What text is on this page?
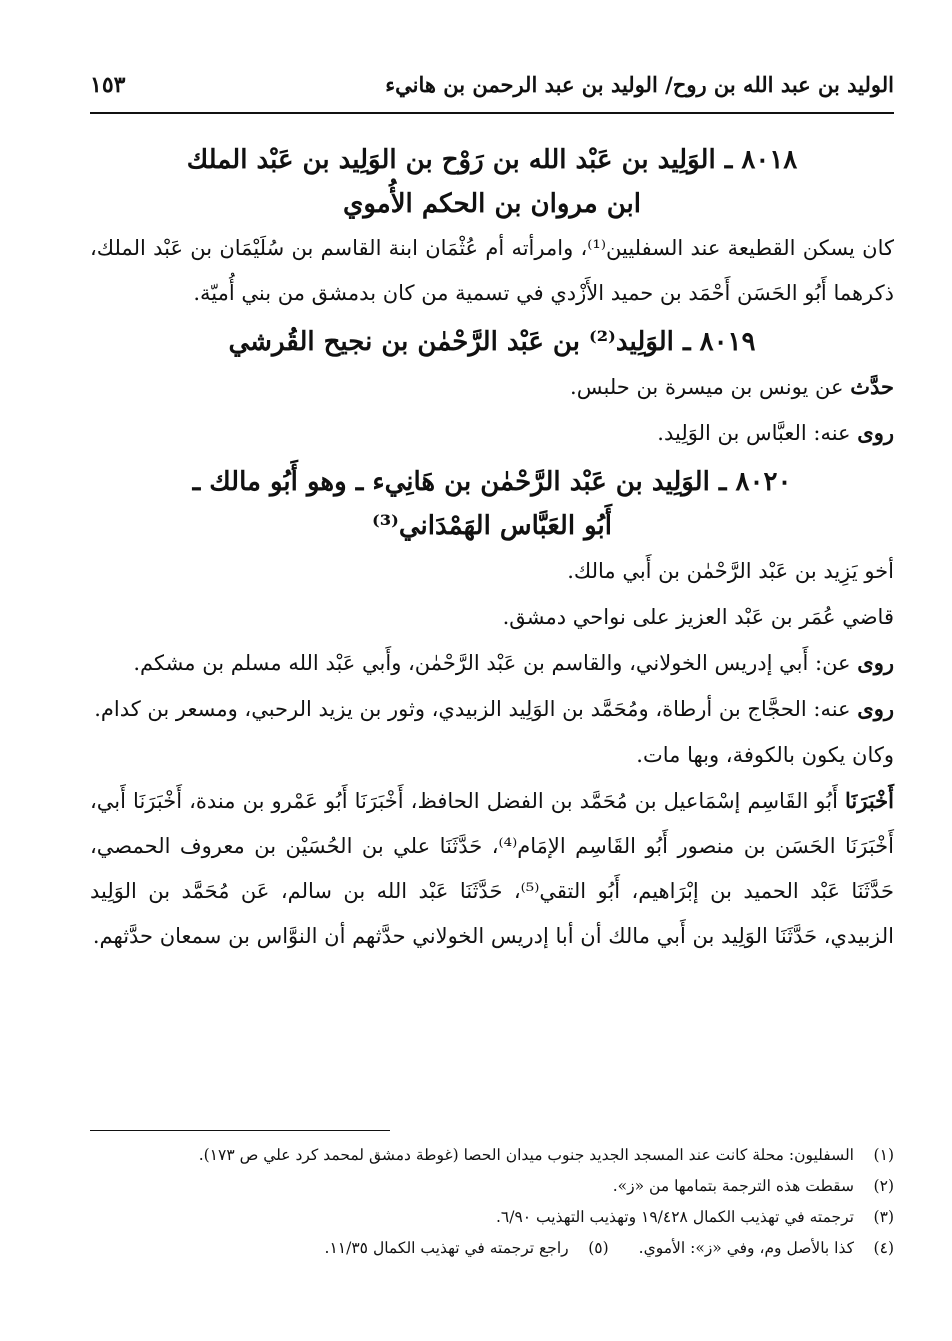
الوليد بن عبد الله بن روح/ الوليد بن عبد الرحمن بن هانيء
١٥٣
٨٠١٨ ـ الوَلِيد بن عَبْد الله بن رَوْح بن الوَلِيد بن عَبْد الملك
ابن مروان بن الحكم الأُموي

كان يسكن القطيعة عند السفليين⁽¹⁾، وامرأته أم عُثْمَان ابنة القاسم بن سُلَيْمَان بن عَبْد الملك، ذكرهما أَبُو الحَسَن أَحْمَد بن حميد الأَزْدي في تسمية من كان بدمشق من بني أُميّة.

٨٠١٩ ـ الوَلِيد⁽²⁾ بن عَبْد الرَّحْمٰن بن نجيح القُرشي

حدَّث عن يونس بن ميسرة بن حلبس.

روى عنه: العبَّاس بن الوَلِيد.

٨٠٢٠ ـ الوَلِيد بن عَبْد الرَّحْمٰن بن هَانِيء ـ وهو أَبُو مالك ـ
أَبُو العَبَّاس الهَمْدَاني⁽³⁾

أخو يَزِيد بن عَبْد الرَّحْمٰن بن أَبي مالك.

قاضي عُمَر بن عَبْد العزيز على نواحي دمشق.

روى عن: أَبي إدريس الخولاني، والقاسم بن عَبْد الرَّحْمٰن، وأَبي عَبْد الله مسلم بن مشكم.

روى عنه: الحجَّاج بن أرطاة، ومُحَمَّد بن الوَلِيد الزبيدي، وثور بن يزيد الرحبي، ومسعر بن كدام.

وكان يكون بالكوفة، وبها مات.

أَخْبَرَنَا أَبُو القَاسِم إسْمَاعيل بن مُحَمَّد بن الفضل الحافظ، أَخْبَرَنَا أَبُو عَمْرو بن مندة، أَخْبَرَنَا أَبي، أَخْبَرَنَا الحَسَن بن منصور أَبُو القَاسِم الإمَام⁽⁴⁾، حَدَّثَنَا علي بن الحُسَيْن بن معروف الحمصي، حَدَّثَنَا عَبْد الحميد بن إبْرَاهيم، أَبُو التقي⁽⁵⁾، حَدَّثَنَا عَبْد الله بن سالم، عَن مُحَمَّد بن الوَلِيد الزبيدي، حَدَّثَنَا الوَلِيد بن أَبي مالك أن أبا إدريس الخولاني حدَّثهم أن النوَّاس بن سمعان حدَّثهم.

(١)السفليون: محلة كانت عند المسجد الجديد جنوب ميدان الحصا (غوطة دمشق لمحمد كرد علي ص ١٧٣).

(٢)سقطت هذه الترجمة بتمامها من «ز».

(٣)ترجمته في تهذيب الكمال ١٩/٤٢٨ وتهذيب التهذيب ٦/٩٠.

(٤)كذا بالأصل وم، وفي «ز»: الأموي.

(٥)راجع ترجمته في تهذيب الكمال ١١/٣٥.
